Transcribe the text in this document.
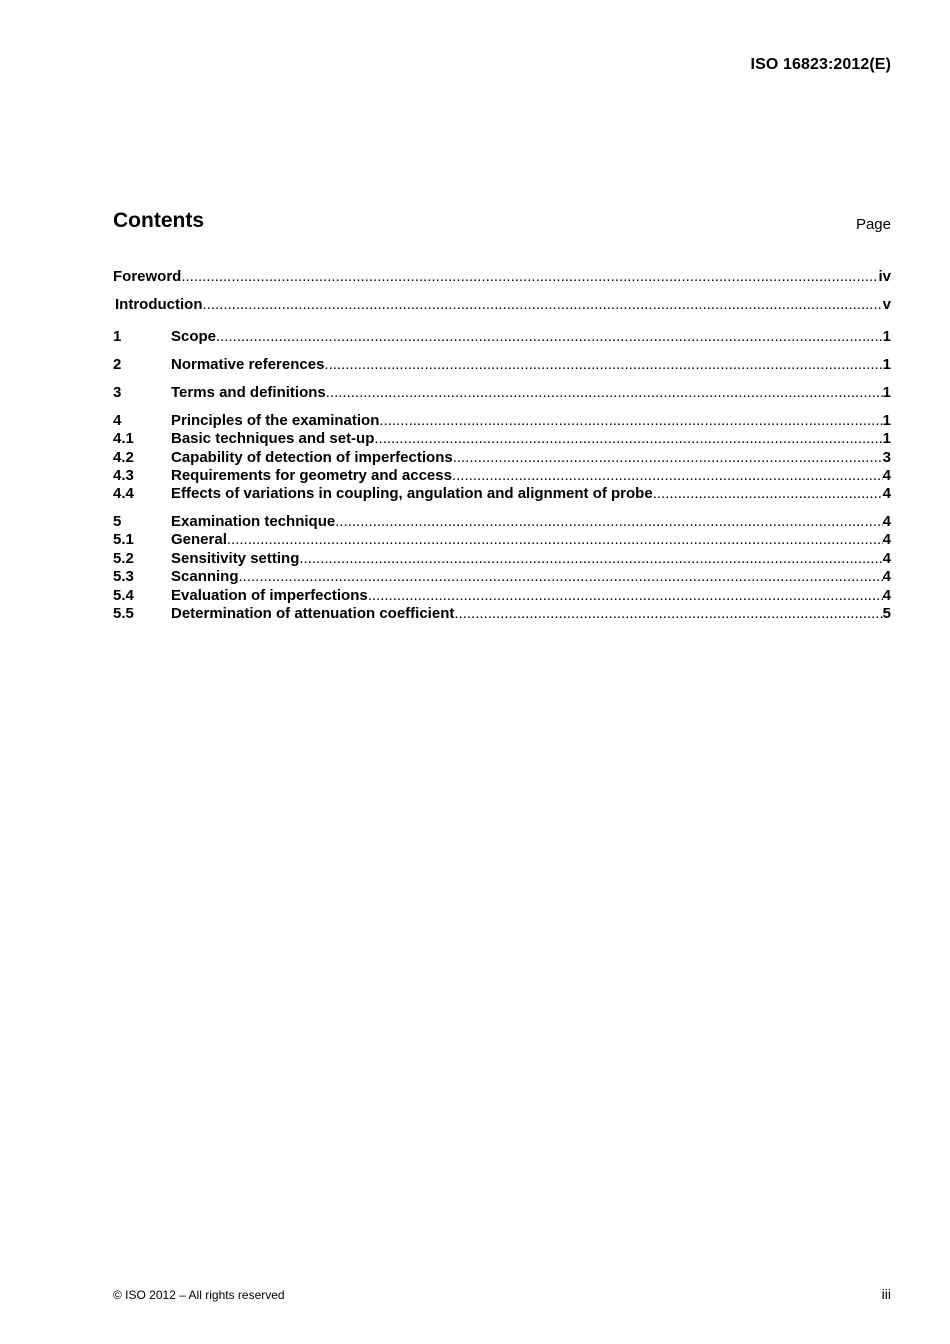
ISO 16823:2012(E)
Contents	Page
Foreword .....	iv
Introduction .....	v
1	Scope .....	1
2	Normative references .....	1
3	Terms and definitions .....	1
4	Principles of the examination .....	1
4.1	Basic techniques and set-up .....	1
4.2	Capability of detection of imperfections .....	3
4.3	Requirements for geometry and access .....	4
4.4	Effects of variations in coupling, angulation and alignment of probe .....	4
5	Examination technique .....	4
5.1	General .....	4
5.2	Sensitivity setting .....	4
5.3	Scanning .....	4
5.4	Evaluation of imperfections .....	4
5.5	Determination of attenuation coefficient .....	5
© ISO 2012 – All rights reserved	iii
